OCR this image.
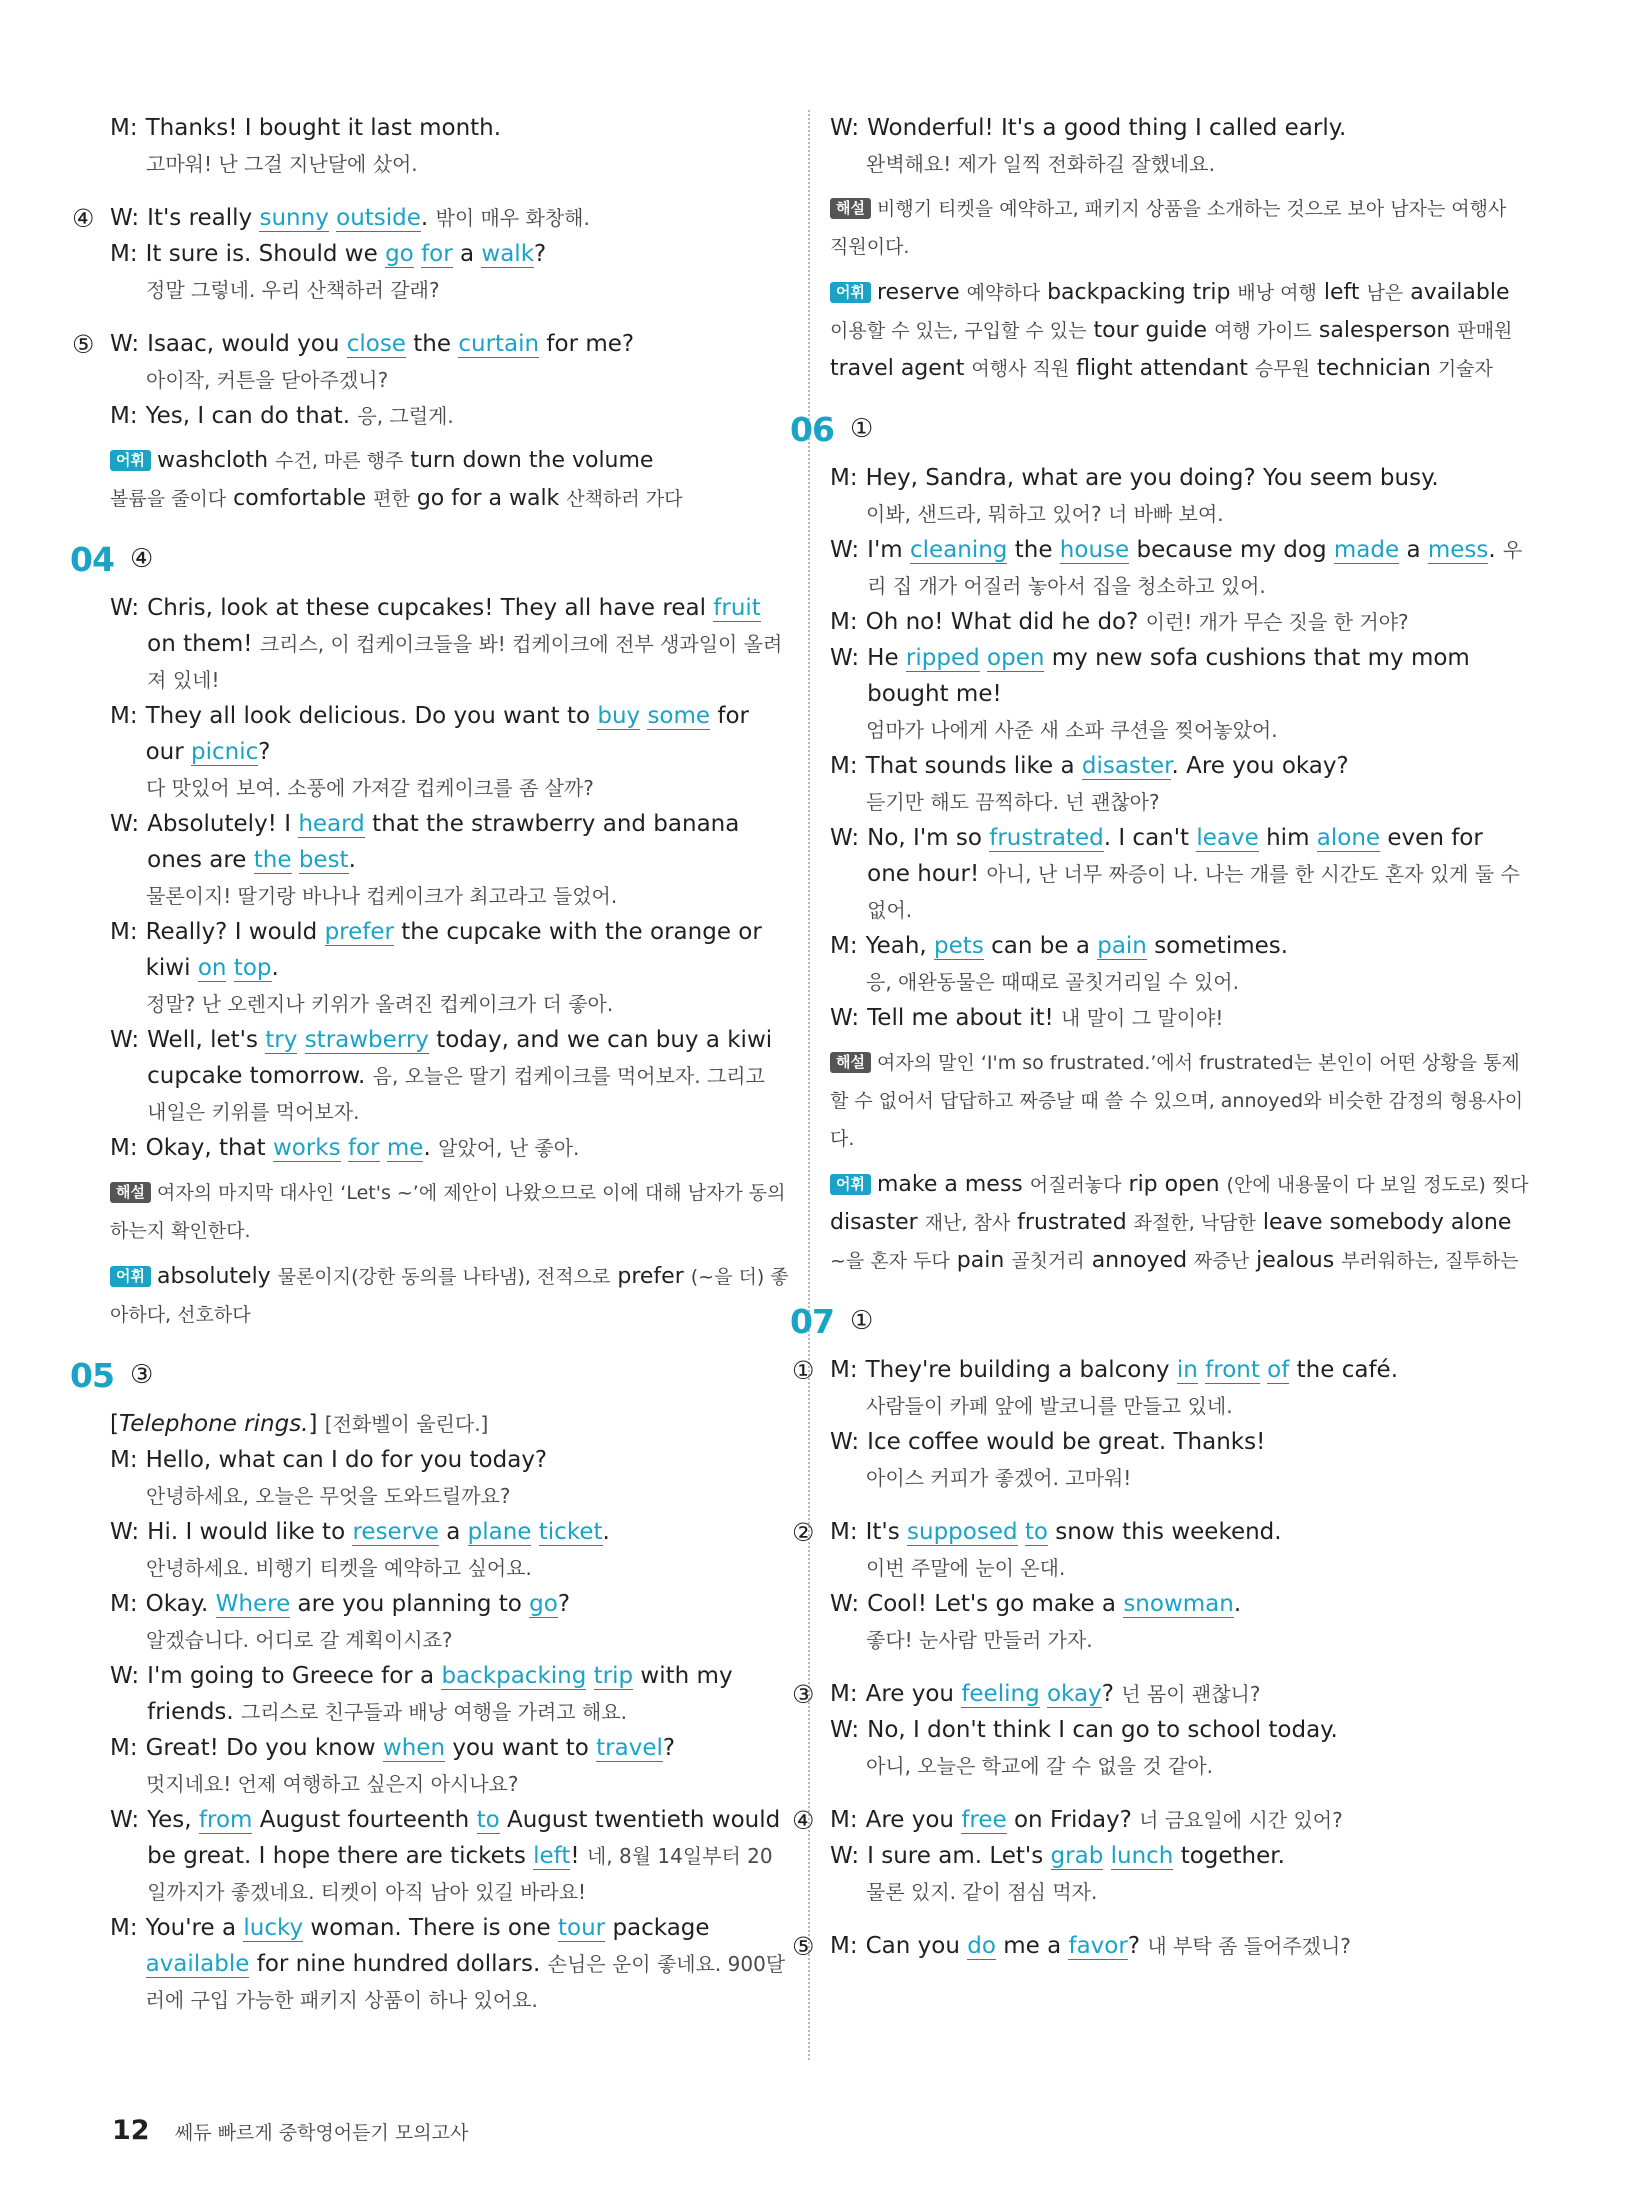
M: Thanks! I bought it last month.
고마워! 난 그걸 지난달에 샀어.
④ W: It's really sunny outside. 밖이 매우 화창해.
M: It sure is. Should we go for a walk?
정말 그렇네. 우리 산책하러 갈래?
⑤ W: Isaac, would you close the curtain for me?
아이작, 커튼을 닫아주겠니?
M: Yes, I can do that. 응, 그럴게.
어휘 washcloth 수건, 마른 행주 turn down the volume
볼륨을 줄이다 comfortable 편한 go for a walk 산책하러 가다
04 ④
W: Chris, look at these cupcakes! They all have real fruit on them! 크리스, 이 컵케이크들을 봐! 컵케이크에 전부 생과일이 올려져 있네!
M: They all look delicious. Do you want to buy some for our picnic?
다 맛있어 보여. 소풍에 가져갈 컵케이크를 좀 살까?
W: Absolutely! I heard that the strawberry and banana ones are the best.
물론이지! 딸기랑 바나나 컵케이크가 최고라고 들었어.
M: Really? I would prefer the cupcake with the orange or kiwi on top.
정말? 난 오렌지나 키위가 올려진 컵케이크가 더 좋아.
W: Well, let's try strawberry today, and we can buy a kiwi cupcake tomorrow. 음, 오늘은 딸기 컵케이크를 먹어보자. 그리고 내일은 키위를 먹어보자.
M: Okay, that works for me. 알았어, 난 좋아.
해설 여자의 마지막 대사인 ‘Let's ~’에 제안이 나왔으므로 이에 대해 남자가 동의하는지 확인한다.
어휘 absolutely 물론이지(강한 동의를 나타냄), 전적으로 prefer (~을 더) 좋아하다, 선호하다
05 ③
[Telephone rings.] [전화벨이 울린다.]
M: Hello, what can I do for you today?
안녕하세요, 오늘은 무엇을 도와드릴까요?
W: Hi. I would like to reserve a plane ticket.
안녕하세요. 비행기 티켓을 예약하고 싶어요.
M: Okay. Where are you planning to go?
알겠습니다. 어디로 갈 계획이시죠?
W: I'm going to Greece for a backpacking trip with my friends. 그리스로 친구들과 배낭 여행을 가려고 해요.
M: Great! Do you know when you want to travel?
멋지네요! 언제 여행하고 싶은지 아시나요?
W: Yes, from August fourteenth to August twentieth would be great. I hope there are tickets left! 네, 8월 14일부터 20일까지가 좋겠네요. 티켓이 아직 남아 있길 바라요!
M: You're a lucky woman. There is one tour package available for nine hundred dollars. 손님은 운이 좋네요. 900달러에 구입 가능한 패키지 상품이 하나 있어요.
W: Wonderful! It's a good thing I called early.
완벽해요! 제가 일찍 전화하길 잘했네요.
해설 비행기 티켓을 예약하고, 패키지 상품을 소개하는 것으로 보아 남자는 여행사 직원이다.
어휘 reserve 예약하다 backpacking trip 배낭 여행 left 남은 available 이용할 수 있는, 구입할 수 있는 tour guide 여행 가이드 salesperson 판매원 travel agent 여행사 직원 flight attendant 승무원 technician 기술자
06 ①
M: Hey, Sandra, what are you doing? You seem busy.
이봐, 샌드라, 뭐하고 있어? 너 바빠 보여.
W: I'm cleaning the house because my dog made a mess. 우리 집 개가 어질러 놓아서 집을 청소하고 있어.
M: Oh no! What did he do? 이런! 개가 무슨 짓을 한 거야?
W: He ripped open my new sofa cushions that my mom bought me!
엄마가 나에게 사준 새 소파 쿠션을 찢어놓았어.
M: That sounds like a disaster. Are you okay?
듣기만 해도 끔찍하다. 넌 괜찮아?
W: No, I'm so frustrated. I can't leave him alone even for one hour! 아니, 난 너무 짜증이 나. 나는 개를 한 시간도 혼자 있게 둘 수 없어.
M: Yeah, pets can be a pain sometimes.
응, 애완동물은 때때로 골칫거리일 수 있어.
W: Tell me about it! 내 말이 그 말이야!
해설 여자의 말인 ‘I'm so frustrated.’에서 frustrated는 본인이 어떤 상황을 통제할 수 없어서 답답하고 짜증날 때 쓸 수 있으며, annoyed와 비슷한 감정의 형용사이다.
어휘 make a mess 어질러놓다 rip open (안에 내용물이 다 보일 정도로) 찢다 disaster 재난, 참사 frustrated 좌절한, 낙담한 leave somebody alone ~을 혼자 두다 pain 골칫거리 annoyed 짜증난 jealous 부러워하는, 질투하는
07 ①
① M: They're building a balcony in front of the café.
사람들이 카페 앞에 발코니를 만들고 있네.
W: Ice coffee would be great. Thanks!
아이스 커피가 좋겠어. 고마워!
② M: It's supposed to snow this weekend.
이번 주말에 눈이 온대.
W: Cool! Let's go make a snowman.
좋다! 눈사람 만들러 가자.
③ M: Are you feeling okay? 넌 몸이 괜찮니?
W: No, I don't think I can go to school today.
아니, 오늘은 학교에 갈 수 없을 것 같아.
④ M: Are you free on Friday? 너 금요일에 시간 있어?
W: I sure am. Let's grab lunch together.
물론 있지. 같이 점심 먹자.
⑤ M: Can you do me a favor? 내 부탁 좀 들어주겠니?
12 쎄듀 빠르게 중학영어듣기 모의고사
